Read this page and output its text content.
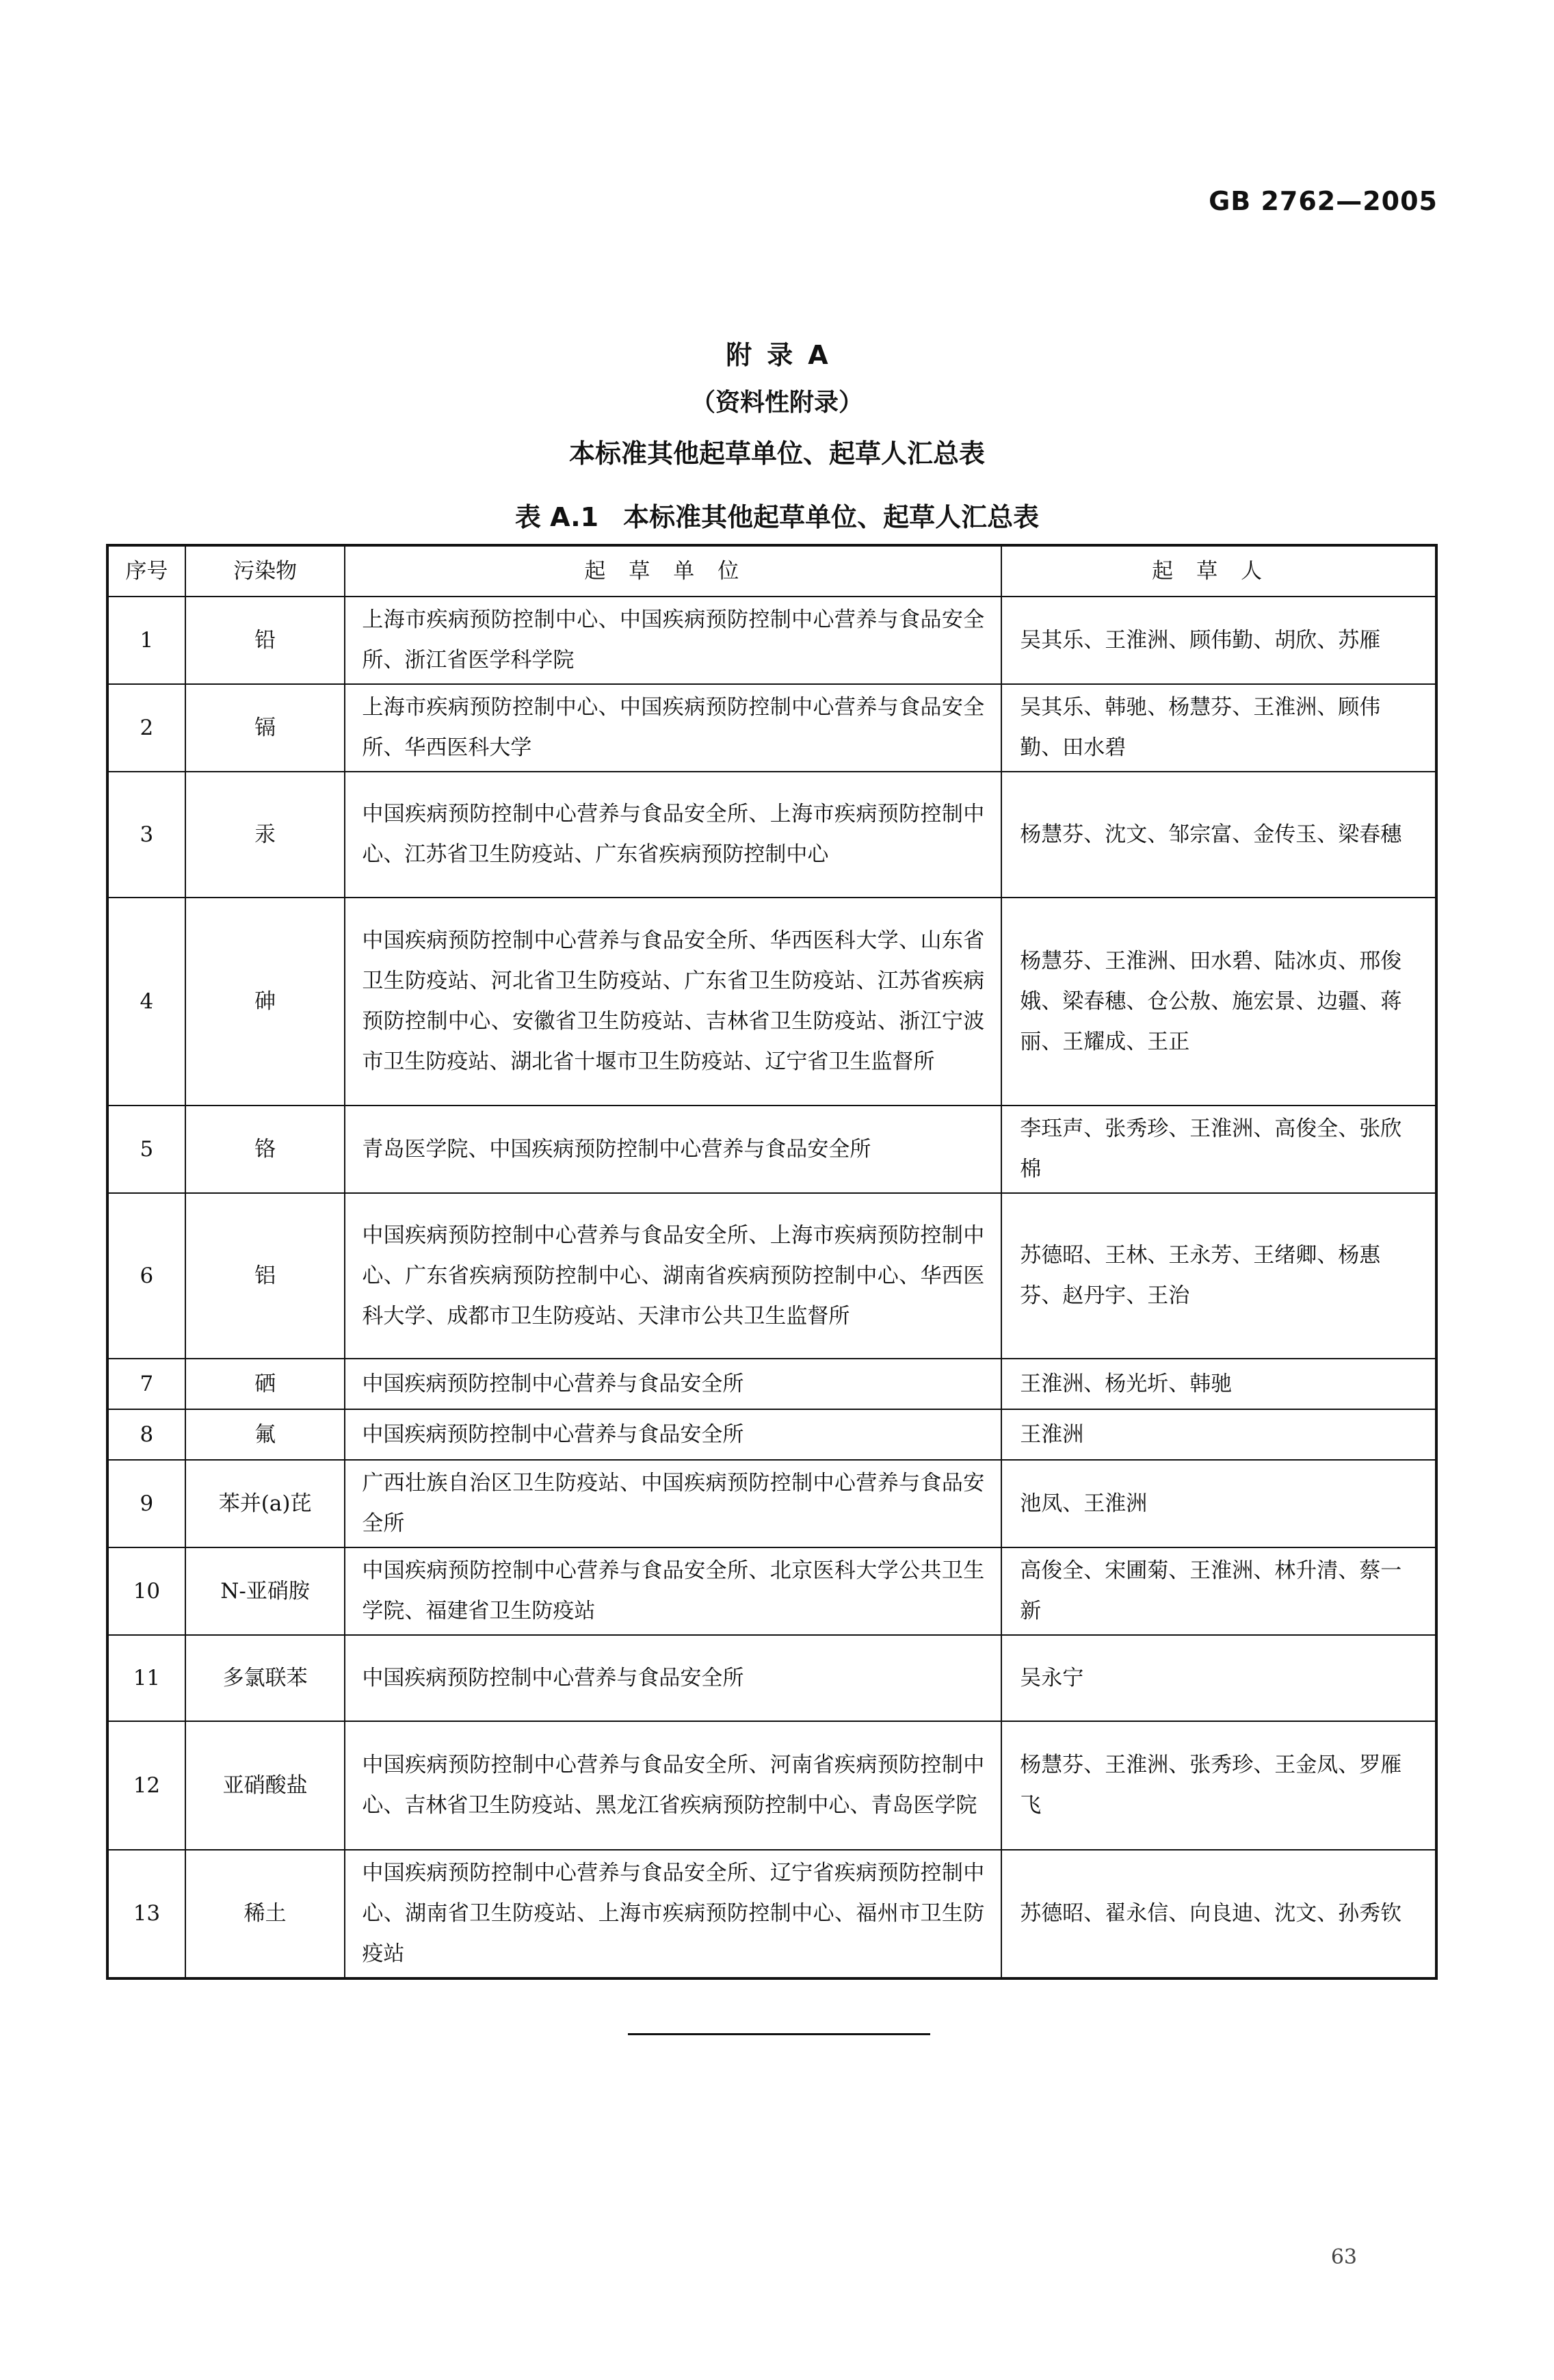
GB 2762—2005
附录A
（资料性附录）
本标准其他起草单位、起草人汇总表
表 A.1 本标准其他起草单位、起草人汇总表
序号	污染物	起草单位	起草人
1	铅	上海市疾病预防控制中心、中国疾病预防控制中心营养与食品安全所、浙江省医学科学院	吴其乐、王淮洲、顾伟勤、胡欣、苏雁
2	镉	上海市疾病预防控制中心、中国疾病预防控制中心营养与食品安全所、华西医科大学	吴其乐、韩驰、杨慧芬、王淮洲、顾伟勤、田水碧
3	汞	中国疾病预防控制中心营养与食品安全所、上海市疾病预防控制中心、江苏省卫生防疫站、广东省疾病预防控制中心	杨慧芬、沈文、邹宗富、金传玉、梁春穗
4	砷	中国疾病预防控制中心营养与食品安全所、华西医科大学、山东省卫生防疫站、河北省卫生防疫站、广东省卫生防疫站、江苏省疾病预防控制中心、安徽省卫生防疫站、吉林省卫生防疫站、浙江宁波市卫生防疫站、湖北省十堰市卫生防疫站、辽宁省卫生监督所	杨慧芬、王淮洲、田水碧、陆冰贞、邢俊娥、梁春穗、仓公敖、施宏景、边疆、蒋丽、王耀成、王正
5	铬	青岛医学院、中国疾病预防控制中心营养与食品安全所	李珏声、张秀珍、王淮洲、高俊全、张欣棉
6	铝	中国疾病预防控制中心营养与食品安全所、上海市疾病预防控制中心、广东省疾病预防控制中心、湖南省疾病预防控制中心、华西医科大学、成都市卫生防疫站、天津市公共卫生监督所	苏德昭、王林、王永芳、王绪卿、杨惠芬、赵丹宇、王治
7	硒	中国疾病预防控制中心营养与食品安全所	王淮洲、杨光圻、韩驰
8	氟	中国疾病预防控制中心营养与食品安全所	王淮洲
9	苯并(a)芘	广西壮族自治区卫生防疫站、中国疾病预防控制中心营养与食品安全所	池凤、王淮洲
10	N-亚硝胺	中国疾病预防控制中心营养与食品安全所、北京医科大学公共卫生学院、福建省卫生防疫站	高俊全、宋圃菊、王淮洲、林升清、蔡一新
11	多氯联苯	中国疾病预防控制中心营养与食品安全所	吴永宁
12	亚硝酸盐	中国疾病预防控制中心营养与食品安全所、河南省疾病预防控制中心、吉林省卫生防疫站、黑龙江省疾病预防控制中心、青岛医学院	杨慧芬、王淮洲、张秀珍、王金凤、罗雁飞
13	稀土	中国疾病预防控制中心营养与食品安全所、辽宁省疾病预防控制中心、湖南省卫生防疫站、上海市疾病预防控制中心、福州市卫生防疫站	苏德昭、翟永信、向良迪、沈文、孙秀钦
63
